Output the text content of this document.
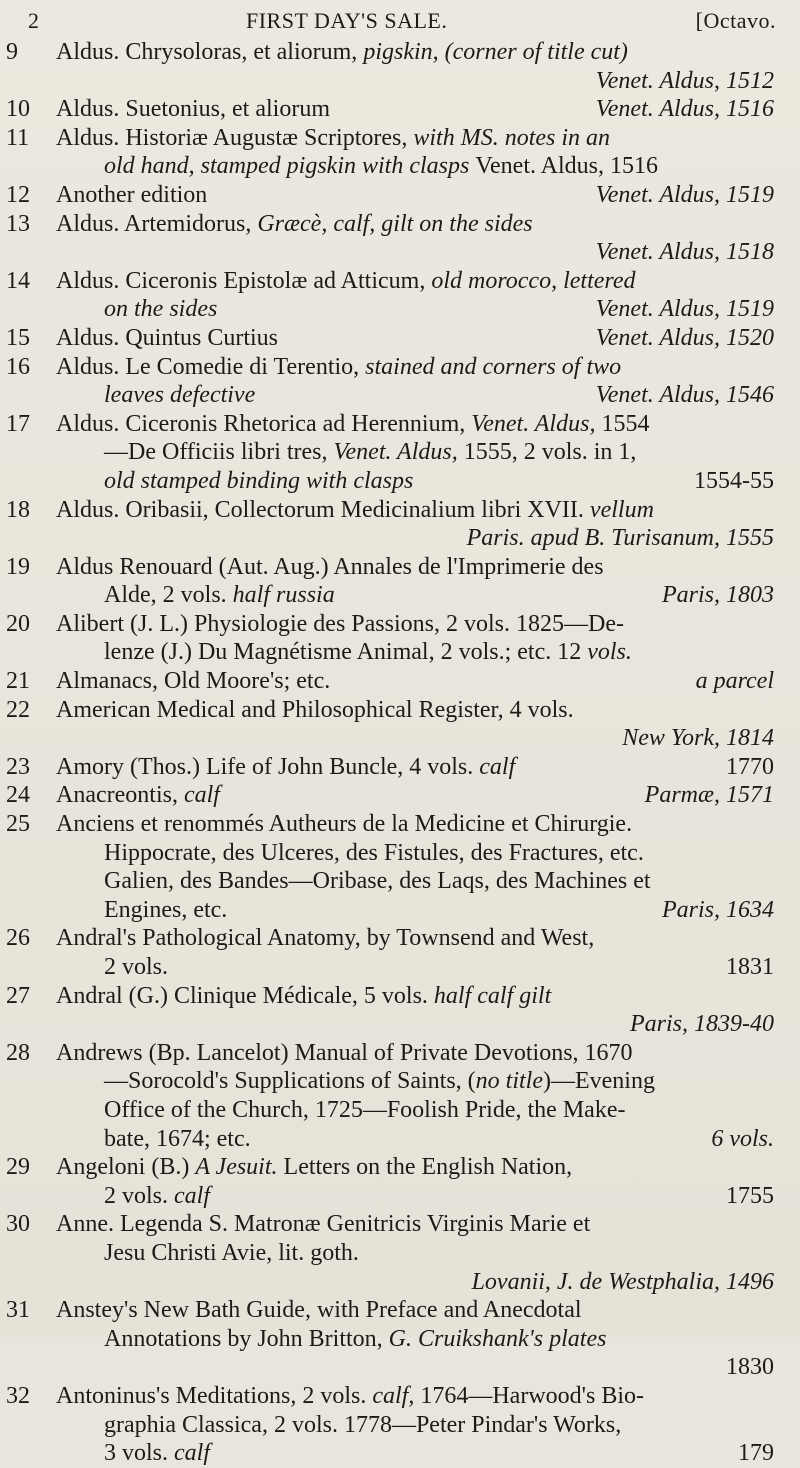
2	FIRST DAY'S SALE.	[Octavo.
9	Aldus. Chrysoloras, et aliorum, pigskin, (corner of title cut)
Venet. Aldus, 1512
10	Aldus. Suetonius, et aliorum	Venet. Aldus, 1516
11	Aldus. Historiæ Augustæ Scriptores, with MS. notes in an
old hand, stamped pigskin with clasps Venet. Aldus, 1516
12	Another edition	Venet. Aldus, 1519
13	Aldus. Artemidorus, Græcè, calf, gilt on the sides
Venet. Aldus, 1518
14	Aldus. Ciceronis Epistolæ ad Atticum, old morocco, lettered
on the sides	Venet. Aldus, 1519
15	Aldus. Quintus Curtius	Venet. Aldus, 1520
16	Aldus. Le Comedie di Terentio, stained and corners of two
leaves defective	Venet. Aldus, 1546
17	Aldus. Ciceronis Rhetorica ad Herennium, Venet. Aldus, 1554
—De Officiis libri tres, Venet. Aldus, 1555, 2 vols. in 1,
old stamped binding with clasps	1554-55
18	Aldus. Oribasii, Collectorum Medicinalium libri XVII. vellum
Paris. apud B. Turisanum, 1555
19	Aldus Renouard (Aut. Aug.) Annales de l'Imprimerie des
Alde, 2 vols. half russia	Paris, 1803
20	Alibert (J. L.) Physiologie des Passions, 2 vols. 1825—De-
lenze (J.) Du Magnétisme Animal, 2 vols.; etc. 12 vols.
21	Almanacs, Old Moore's; etc.	a parcel
22	American Medical and Philosophical Register, 4 vols.
New York, 1814
23	Amory (Thos.) Life of John Buncle, 4 vols. calf	1770
24	Anacreontis, calf	Parmæ, 1571
25	Anciens et renommés Autheurs de la Medicine et Chirurgie.
Hippocrate, des Ulceres, des Fistules, des Fractures, etc.
Galien, des Bandes—Oribase, des Laqs, des Machines et
Engines, etc.	Paris, 1634
26	Andral's Pathological Anatomy, by Townsend and West,
2 vols.	1831
27	Andral (G.) Clinique Médicale, 5 vols. half calf gilt
Paris, 1839-40
28	Andrews (Bp. Lancelot) Manual of Private Devotions, 1670
—Sorocold's Supplications of Saints, (no title)—Evening
Office of the Church, 1725—Foolish Pride, the Make-
bate, 1674; etc.	6 vols.
29	Angeloni (B.) A Jesuit. Letters on the English Nation,
2 vols. calf	1755
30	Anne. Legenda S. Matronæ Genitricis Virginis Marie et
Jesu Christi Avie, lit. goth.
Lovanii, J. de Westphalia, 1496
31	Anstey's New Bath Guide, with Preface and Anecdotal
Annotations by John Britton, G. Cruikshank's plates
1830
32	Antoninus's Meditations, 2 vols. calf, 1764—Harwood's Bio-
graphia Classica, 2 vols. 1778—Peter Pindar's Works,
3 vols. calf	179
